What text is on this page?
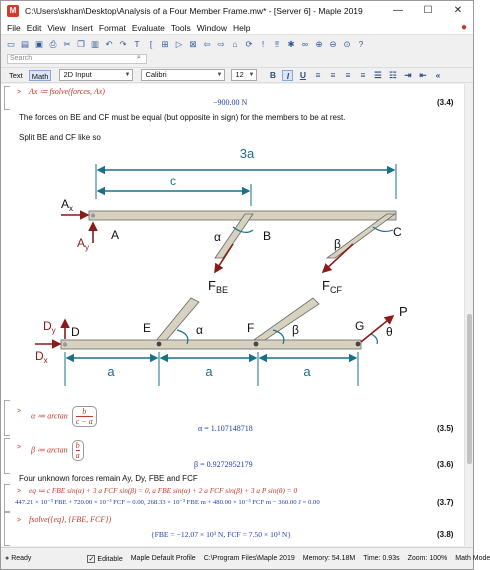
M	C:\Users\skhan\Desktop\Analysis of a Four Member Frame.mw* - [Server 6] - Maple 2019	—	☐	✕
File Edit View Insert Format Evaluate Tools Window Help	●
▭ ▤ ▣ ⎙ ✂ ❐ ▥ ↶ ↷ T	[	⊞ ▷ ⊠ ⇦ ⇨ ⌂ ⟳	!	‼ ✱ ∞ ⊕ ⊖ ⊙ ?
Search	⌕
Text	Math	2D Input	▼	Calibri	▼	12 ▼ B	I	U	≡	≡	≡	≡	☰ ☷ ⇥ ⇤	«
> Ax ≔ fsolve(forces, Ax)
−900.00 N	(3.4)
The forces on BE and CF must be equal (but opposite in sign) for the members to be at rest.
Split BE and CF like so
3a
c
α	β
$F_{BE}$	$F_{CF}$
A	B	C
$A_x$
$A_y$
α	β	θ
P
D	E	F	G
$D_y$
$D_x$
a	a	a
> α ≔ $\arctan \frac{b}{c - a}$
α = 1.107148718	(3.5)
> β ≔ $\arctan \frac{b}{a}$
β = 0.9272952179	(3.6)
Four unknown forces remain Ay, Dy, FBE and FCF
> eq ≔ c FBE sin(α) + 3 a FCF sin(β) = 0, a FBE sin(α) + 2 a FCF sin(β) + 3 a P sin(θ) = 0
447.21 × 10⁻³ FBE + 720.00 × 10⁻³ FCF = 0.00, 268.33 × 10⁻³ FBE m + 480.00 × 10⁻³ FCF m − 360.00 J = 0.00	(3.7)
> fsolve({eq}, {FBE, FCF})
{FBE = −12.07 × 10³ N, FCF = 7.50 × 10³ N}	(3.8)
● Ready	✓ Editable Maple Default Profile C:\Program Files\Maple 2019 Memory: 54.18M Time: 0.93s Zoom: 100% Math Mode
